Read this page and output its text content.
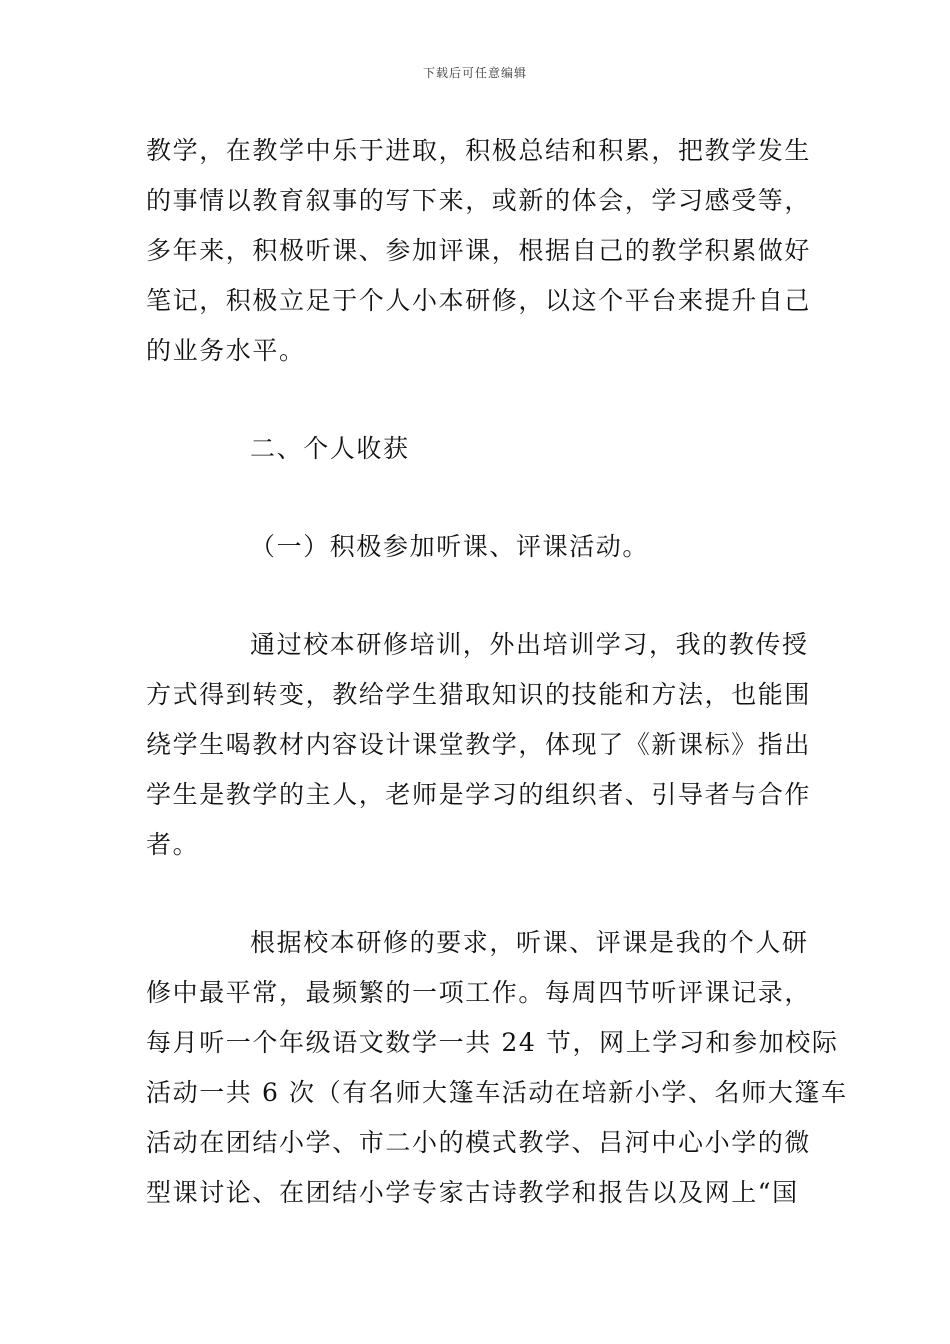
下载后可任意编辑
教学，在教学中乐于进取，积极总结和积累，把教学发生
的事情以教育叙事的写下来，或新的体会，学习感受等，
多年来，积极听课、参加评课，根据自己的教学积累做好
笔记，积极立足于个人小本研修，以这个平台来提升自己
的业务水平。
二、个人收获
（一）积极参加听课、评课活动。
通过校本研修培训，外出培训学习，我的教传授
方式得到转变，教给学生猎取知识的技能和方法，也能围
绕学生喝教材内容设计课堂教学，体现了《新课标》指出
学生是教学的主人，老师是学习的组织者、引导者与合作
者。
根据校本研修的要求，听课、评课是我的个人研
修中最平常，最频繁的一项工作。每周四节听评课记录，
每月听一个年级语文数学一共 24 节，网上学习和参加校际
活动一共 6 次（有名师大篷车活动在培新小学、名师大篷车
活动在团结小学、市二小的模式教学、吕河中心小学的微
型课讨论、在团结小学专家古诗教学和报告以及网上“国
